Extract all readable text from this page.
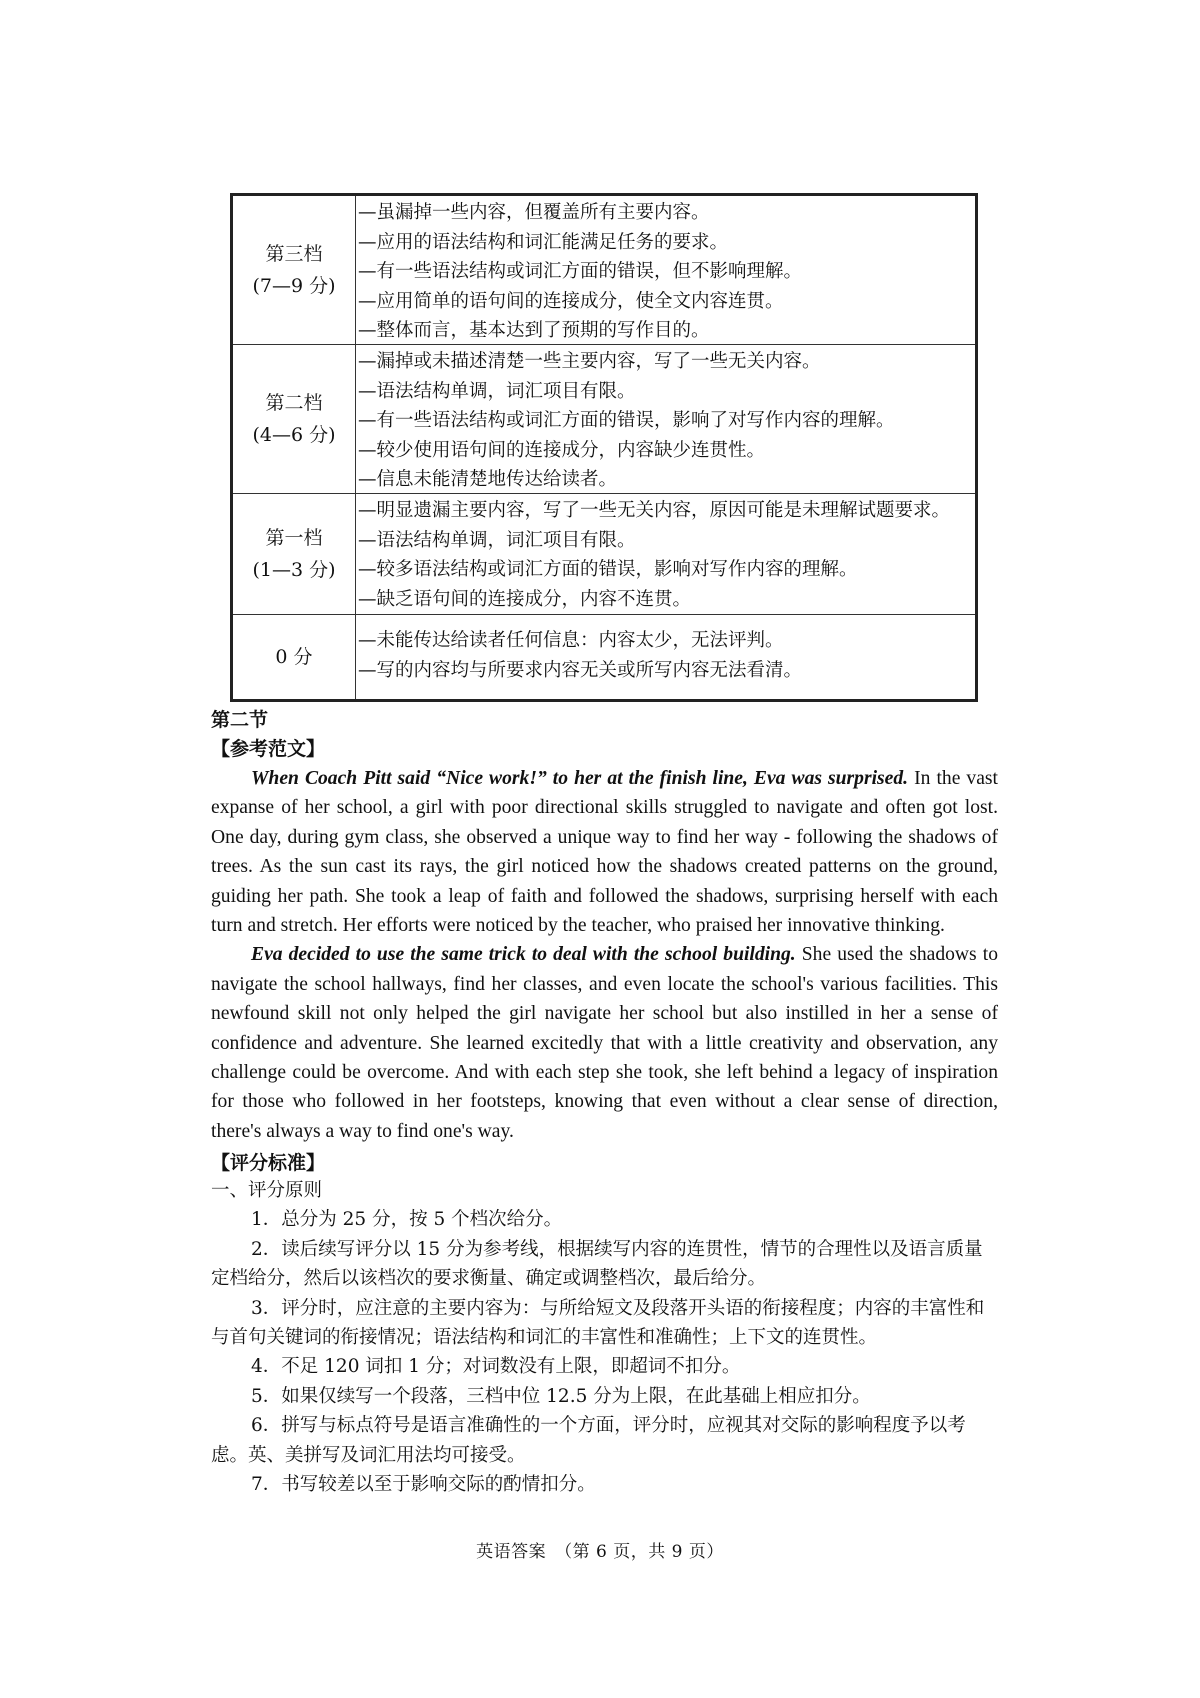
第三档
(7—9 分)
—虽漏掉一些内容，但覆盖所有主要内容。
—应用的语法结构和词汇能满足任务的要求。
—有一些语法结构或词汇方面的错误，但不影响理解。
—应用简单的语句间的连接成分，使全文内容连贯。
—整体而言，基本达到了预期的写作目的。
第二档
(4—6 分)
—漏掉或未描述清楚一些主要内容，写了一些无关内容。
—语法结构单调，词汇项目有限。
—有一些语法结构或词汇方面的错误，影响了对写作内容的理解。
—较少使用语句间的连接成分，内容缺少连贯性。
—信息未能清楚地传达给读者。
第一档
(1—3 分)
—明显遗漏主要内容，写了一些无关内容，原因可能是未理解试题要求。
—语法结构单调，词汇项目有限。
—较多语法结构或词汇方面的错误，影响对写作内容的理解。
—缺乏语句间的连接成分，内容不连贯。
0 分
—未能传达给读者任何信息：内容太少，无法评判。
—写的内容均与所要求内容无关或所写内容无法看清。
第二节
【参考范文】

When Coach Pitt said “Nice work!” to her at the finish line, Eva was surprised. In the vast expanse of her school, a girl with poor directional skills struggled to navigate and often got lost. One day, during gym class, she observed a unique way to find her way - following the shadows of trees. As the sun cast its rays, the girl noticed how the shadows created patterns on the ground, guiding her path. She took a leap of faith and followed the shadows, surprising herself with each turn and stretch. Her efforts were noticed by the teacher, who praised her innovative thinking.

Eva decided to use the same trick to deal with the school building. She used the shadows to navigate the school hallways, find her classes, and even locate the school's various facilities. This newfound skill not only helped the girl navigate her school but also instilled in her a sense of confidence and adventure. She learned excitedly that with a little creativity and observation, any challenge could be overcome. And with each step she took, she left behind a legacy of inspiration for those who followed in her footsteps, knowing that even without a clear sense of direction, there's always a way to find one's way.

【评分标准】

一、评分原则

1．总分为 25 分，按 5 个档次给分。

2．读后续写评分以 15 分为参考线，根据续写内容的连贯性，情节的合理性以及语言质量定档给分，然后以该档次的要求衡量、确定或调整档次，最后给分。

3．评分时，应注意的主要内容为：与所给短文及段落开头语的衔接程度；内容的丰富性和与首句关键词的衔接情况；语法结构和词汇的丰富性和准确性；上下文的连贯性。

4．不足 120 词扣 1 分；对词数没有上限，即超词不扣分。

5．如果仅续写一个段落，三档中位 12.5 分为上限，在此基础上相应扣分。

6．拼写与标点符号是语言准确性的一个方面，评分时，应视其对交际的影响程度予以考虑。英、美拼写及词汇用法均可接受。

7．书写较差以至于影响交际的酌情扣分。

英语答案　（第 6 页，共 9 页）
